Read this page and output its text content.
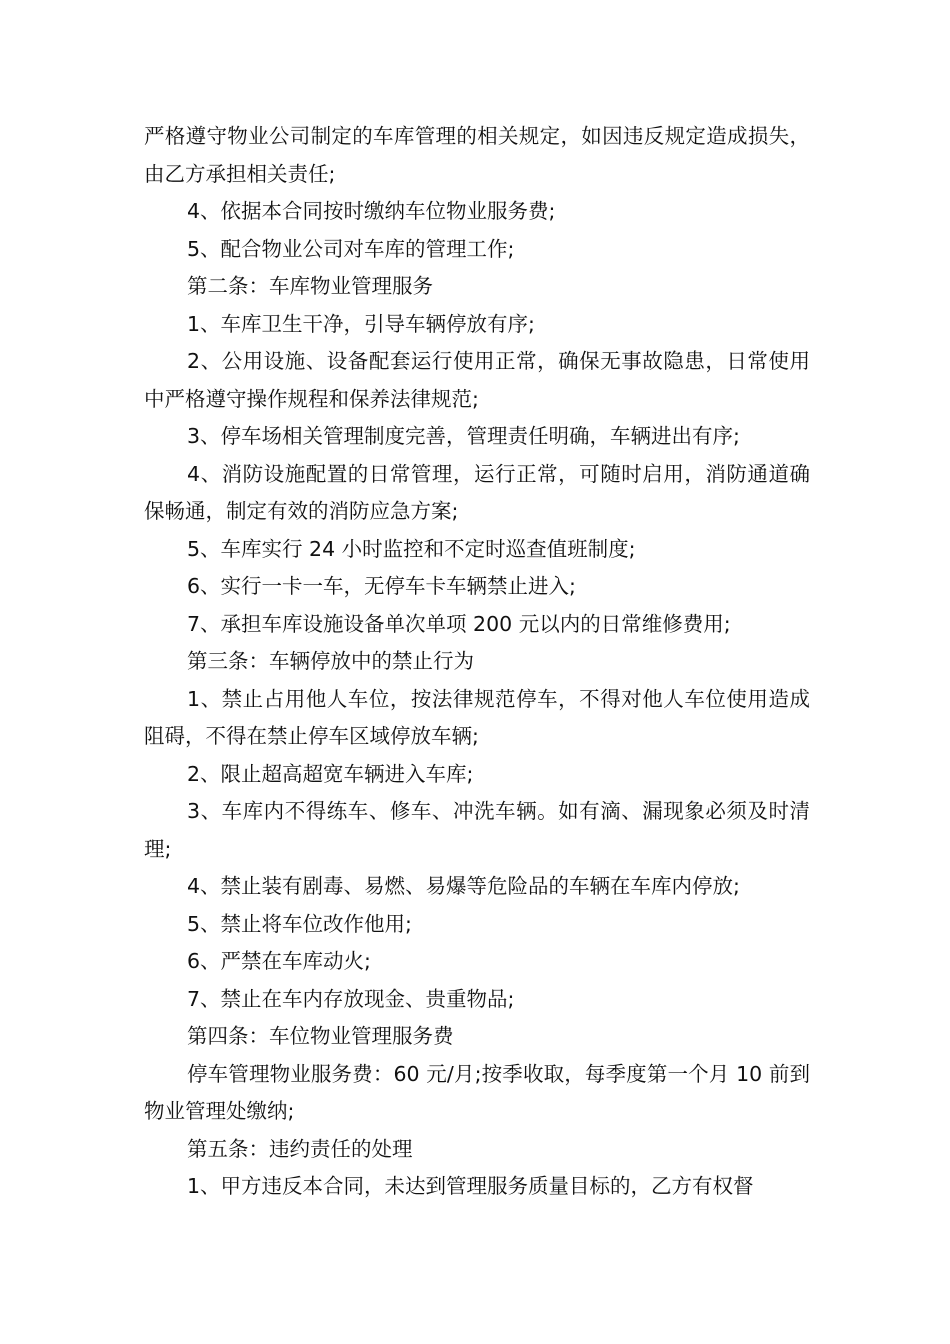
严格遵守物业公司制定的车库管理的相关规定，如因违反规定造成损失，由乙方承担相关责任;

4、依据本合同按时缴纳车位物业服务费;

5、配合物业公司对车库的管理工作;

第二条：车库物业管理服务

1、车库卫生干净，引导车辆停放有序;

2、公用设施、设备配套运行使用正常，确保无事故隐患，日常使用中严格遵守操作规程和保养法律规范;

3、停车场相关管理制度完善，管理责任明确，车辆进出有序;

4、消防设施配置的日常管理，运行正常，可随时启用，消防通道确保畅通，制定有效的消防应急方案;

5、车库实行 24 小时监控和不定时巡查值班制度;

6、实行一卡一车，无停车卡车辆禁止进入;

7、承担车库设施设备单次单项 200 元以内的日常维修费用;

第三条：车辆停放中的禁止行为

1、禁止占用他人车位，按法律规范停车，不得对他人车位使用造成阻碍，不得在禁止停车区域停放车辆;

2、限止超高超宽车辆进入车库;

3、车库内不得练车、修车、冲洗车辆。如有滴、漏现象必须及时清理;

4、禁止装有剧毒、易燃、易爆等危险品的车辆在车库内停放;

5、禁止将车位改作他用;

6、严禁在车库动火;

7、禁止在车内存放现金、贵重物品;

第四条：车位物业管理服务费

停车管理物业服务费：60 元/月;按季收取，每季度第一个月 10 前到物业管理处缴纳;

第五条：违约责任的处理

1、甲方违反本合同，未达到管理服务质量目标的，乙方有权督
